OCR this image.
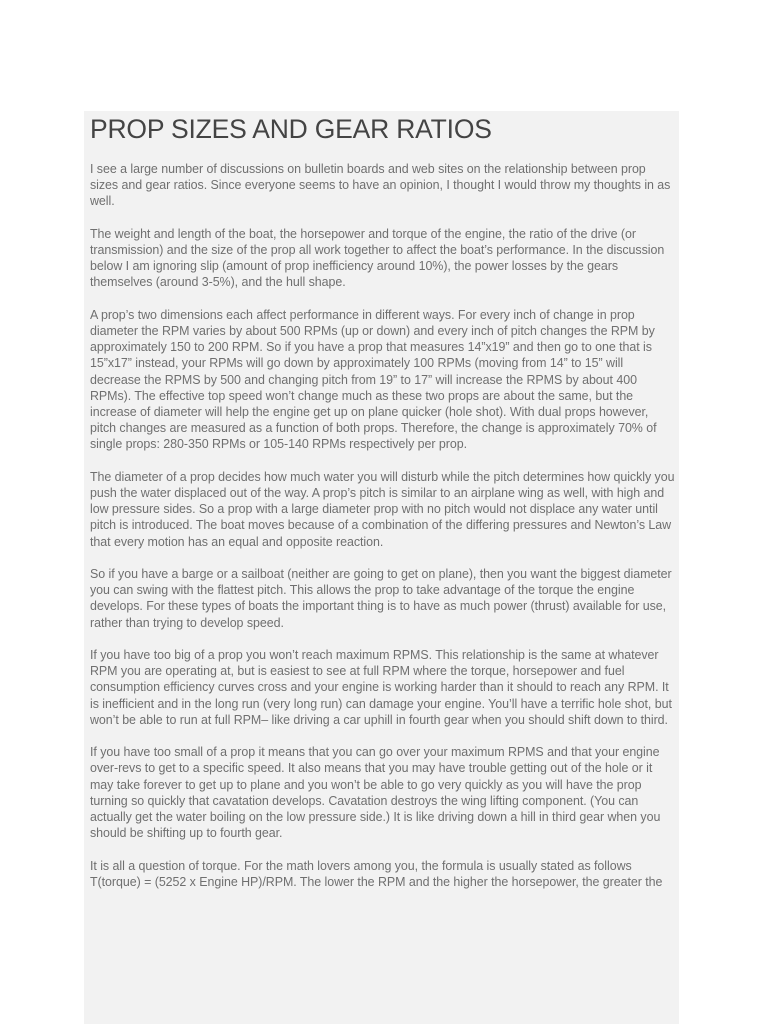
PROP SIZES AND GEAR RATIOS

I see a large number of discussions on bulletin boards and web sites on the relationship between prop sizes and gear ratios. Since everyone seems to have an opinion, I thought I would throw my thoughts in as well.

The weight and length of the boat, the horsepower and torque of the engine, the ratio of the drive (or transmission) and the size of the prop all work together to affect the boat’s performance. In the discussion below I am ignoring slip (amount of prop inefficiency around 10%), the power losses by the gears themselves (around 3-5%), and the hull shape.

A prop’s two dimensions each affect performance in different ways. For every inch of change in prop diameter the RPM varies by about 500 RPMs (up or down) and every inch of pitch changes the RPM by approximately 150 to 200 RPM. So if you have a prop that measures 14”x19” and then go to one that is 15”x17” instead, your RPMs will go down by approximately 100 RPMs (moving from 14” to 15” will decrease the RPMS by 500 and changing pitch from 19” to 17” will increase the RPMS by about 400 RPMs). The effective top speed won’t change much as these two props are about the same, but the increase of diameter will help the engine get up on plane quicker (hole shot). With dual props however, pitch changes are measured as a function of both props. Therefore, the change is approximately 70% of single props: 280-350 RPMs or 105-140 RPMs respectively per prop.

The diameter of a prop decides how much water you will disturb while the pitch determines how quickly you push the water displaced out of the way. A prop’s pitch is similar to an airplane wing as well, with high and low pressure sides. So a prop with a large diameter prop with no pitch would not displace any water until pitch is introduced. The boat moves because of a combination of the differing pressures and Newton’s Law that every motion has an equal and opposite reaction.

So if you have a barge or a sailboat (neither are going to get on plane), then you want the biggest diameter you can swing with the flattest pitch. This allows the prop to take advantage of the torque the engine develops. For these types of boats the important thing is to have as much power (thrust) available for use, rather than trying to develop speed.

If you have too big of a prop you won’t reach maximum RPMS. This relationship is the same at whatever RPM you are operating at, but is easiest to see at full RPM where the torque, horsepower and fuel consumption efficiency curves cross and your engine is working harder than it should to reach any RPM. It is inefficient and in the long run (very long run) can damage your engine. You’ll have a terrific hole shot, but won’t be able to run at full RPM– like driving a car uphill in fourth gear when you should shift down to third.

If you have too small of a prop it means that you can go over your maximum RPMS and that your engine over-revs to get to a specific speed. It also means that you may have trouble getting out of the hole or it may take forever to get up to plane and you won’t be able to go very quickly as you will have the prop turning so quickly that cavatation develops. Cavatation destroys the wing lifting component. (You can actually get the water boiling on the low pressure side.) It is like driving down a hill in third gear when you should be shifting up to fourth gear.

It is all a question of torque. For the math lovers among you, the formula is usually stated as follows T(torque) = (5252 x Engine HP)/RPM. The lower the RPM and the higher the horsepower, the greater the
